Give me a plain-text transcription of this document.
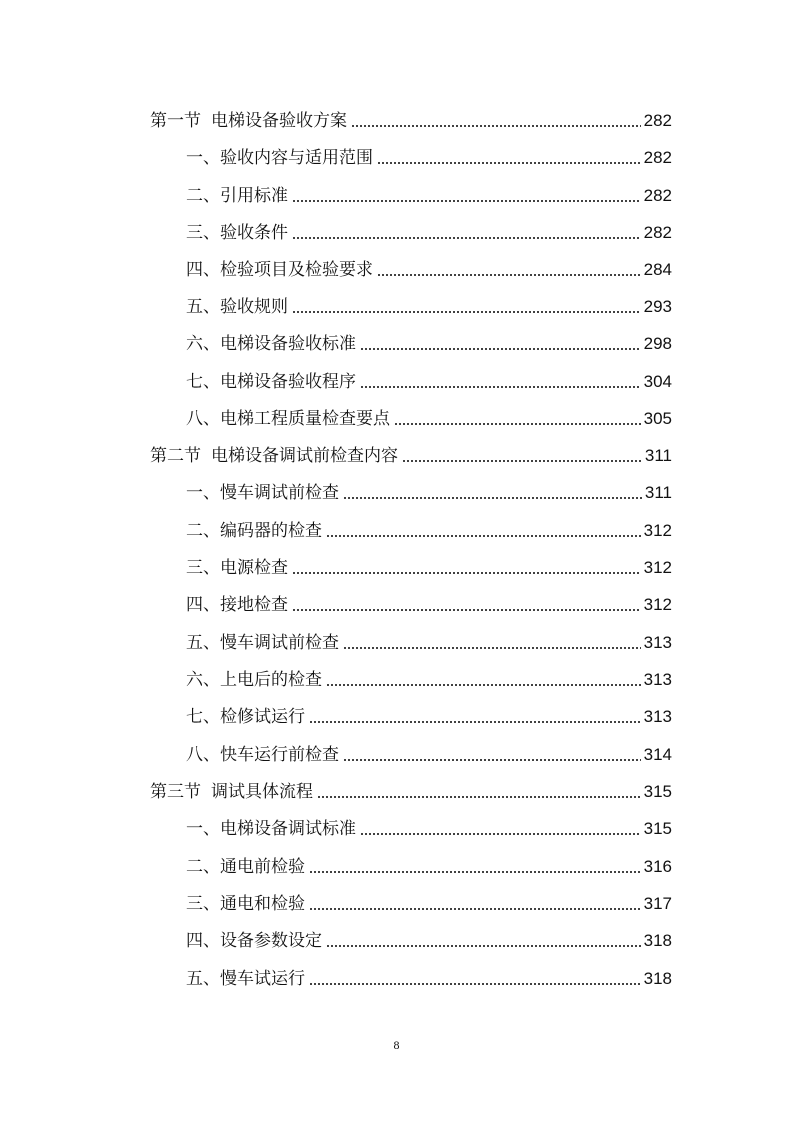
第一节 电梯设备验收方案	282
一、 验收内容与适用范围	282
二、 引用标准	282
三、 验收条件	282
四、 检验项目及检验要求	284
五、 验收规则	293
六、 电梯设备验收标准	298
七、 电梯设备验收程序	304
八、 电梯工程质量检查要点	305
第二节 电梯设备调试前检查内容	311
一、 慢车调试前检查	311
二、 编码器的检查	312
三、 电源检查	312
四、 接地检查	312
五、 慢车调试前检查	313
六、 上电后的检查	313
七、 检修试运行	313
八、 快车运行前检查	314
第三节 调试具体流程	315
一、 电梯设备调试标准	315
二、 通电前检验	316
三、 通电和检验	317
四、 设备参数设定	318
五、 慢车试运行	318
8
